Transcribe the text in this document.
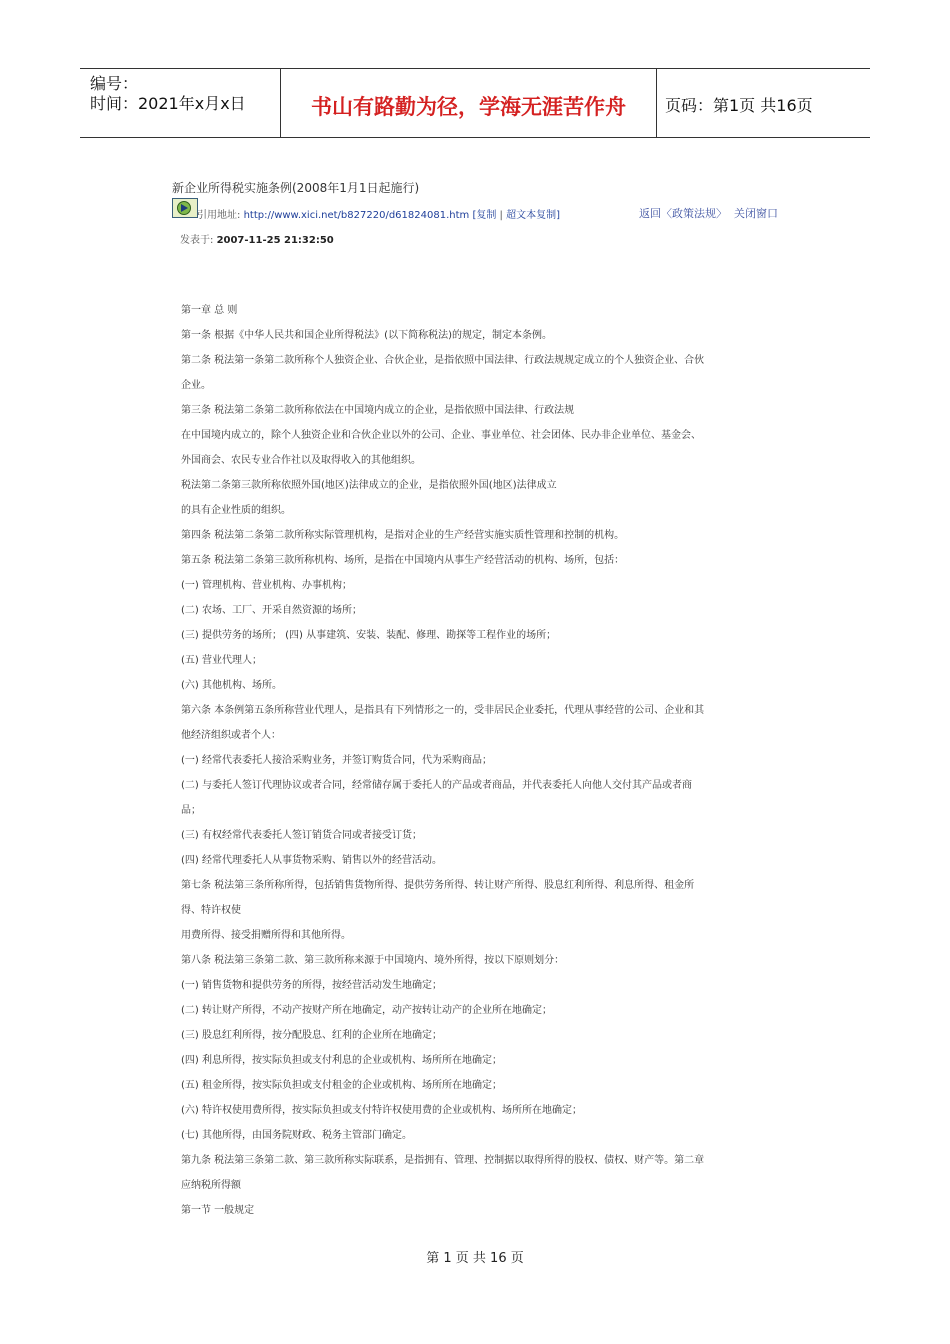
编号：
时间：2021年x月x日	书山有路勤为径，学海无涯苦作舟	页码：第1页 共16页
新企业所得税实施条例(2008年1月1日起施行)
引用地址: http://www.xici.net/b827220/d61824081.htm [复制 | 超文本复制]	返回〈政策法规〉 关闭窗口
发表于: 2007-11-25 21:32:50
第一章 总 则
第一条 根据《中华人民共和国企业所得税法》(以下简称税法)的规定，制定本条例。
第二条 税法第一条第二款所称个人独资企业、合伙企业，是指依照中国法律、行政法规规定成立的个人独资企业、合伙
企业。
第三条 税法第二条第二款所称依法在中国境内成立的企业，是指依照中国法律、行政法规
在中国境内成立的，除个人独资企业和合伙企业以外的公司、企业、事业单位、社会团体、民办非企业单位、基金会、
外国商会、农民专业合作社以及取得收入的其他组织。
税法第二条第三款所称依照外国(地区)法律成立的企业，是指依照外国(地区)法律成立
的具有企业性质的组织。
第四条 税法第二条第二款所称实际管理机构，是指对企业的生产经营实施实质性管理和控制的机构。
第五条 税法第二条第三款所称机构、场所，是指在中国境内从事生产经营活动的机构、场所，包括：
(一) 管理机构、营业机构、办事机构；
(二) 农场、工厂、开采自然资源的场所；
(三) 提供劳务的场所； (四) 从事建筑、安装、装配、修理、勘探等工程作业的场所；
(五) 营业代理人；
(六) 其他机构、场所。
第六条 本条例第五条所称营业代理人，是指具有下列情形之一的，受非居民企业委托，代理从事经营的公司、企业和其
他经济组织或者个人：
(一) 经常代表委托人接洽采购业务，并签订购货合同，代为采购商品；
(二) 与委托人签订代理协议或者合同，经常储存属于委托人的产品或者商品，并代表委托人向他人交付其产品或者商
品；
(三) 有权经常代表委托人签订销货合同或者接受订货；
(四) 经常代理委托人从事货物采购、销售以外的经营活动。
第七条 税法第三条所称所得，包括销售货物所得、提供劳务所得、转让财产所得、股息红利所得、利息所得、租金所
得、特许权使
用费所得、接受捐赠所得和其他所得。
第八条 税法第三条第二款、第三款所称来源于中国境内、境外所得，按以下原则划分：
(一) 销售货物和提供劳务的所得，按经营活动发生地确定；
(二) 转让财产所得，不动产按财产所在地确定，动产按转让动产的企业所在地确定；
(三) 股息红利所得，按分配股息、红利的企业所在地确定；
(四) 利息所得，按实际负担或支付利息的企业或机构、场所所在地确定；
(五) 租金所得，按实际负担或支付租金的企业或机构、场所所在地确定；
(六) 特许权使用费所得，按实际负担或支付特许权使用费的企业或机构、场所所在地确定；
(七) 其他所得，由国务院财政、税务主管部门确定。
第九条 税法第三条第二款、第三款所称实际联系，是指拥有、管理、控制据以取得所得的股权、债权、财产等。第二章
应纳税所得额
第一节 一般规定
第 1 页 共 16 页
